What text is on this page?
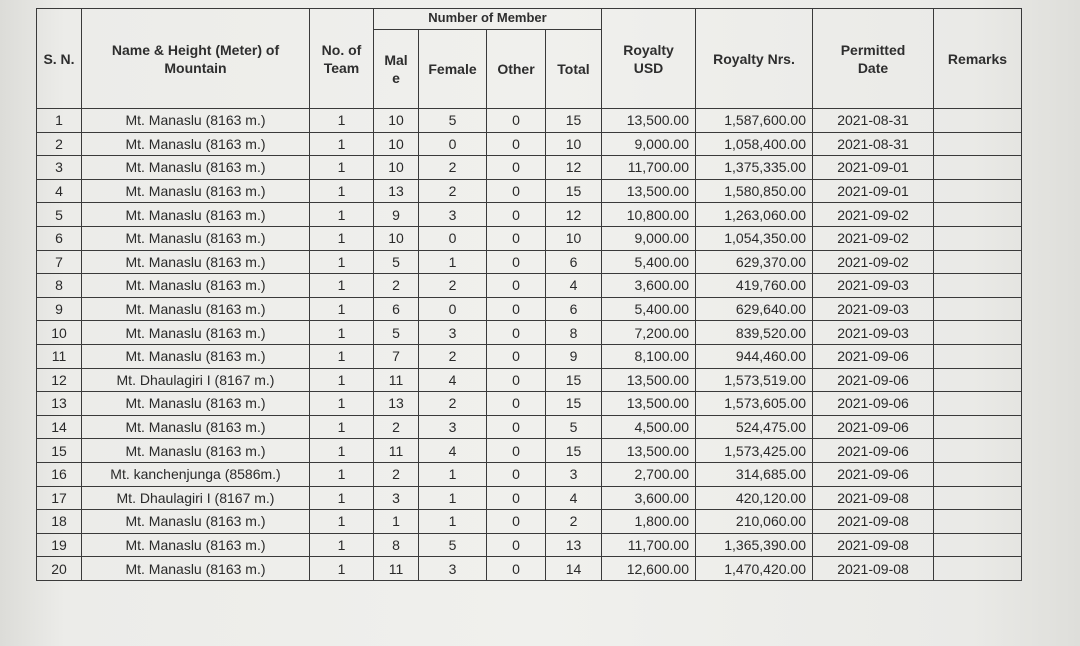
S. N.	Name & Height (Meter) of Mountain	No. of Team	Number of Member				Royalty USD	Royalty Nrs.	Permitted Date	Remarks
			Mal e	Female	Other	Total				
1	Mt. Manaslu (8163 m.)	1	10	5	0	15	13,500.00	1,587,600.00	2021-08-31	
2	Mt. Manaslu (8163 m.)	1	10	0	0	10	9,000.00	1,058,400.00	2021-08-31	
3	Mt. Manaslu (8163 m.)	1	10	2	0	12	11,700.00	1,375,335.00	2021-09-01	
4	Mt. Manaslu (8163 m.)	1	13	2	0	15	13,500.00	1,580,850.00	2021-09-01	
5	Mt. Manaslu (8163 m.)	1	9	3	0	12	10,800.00	1,263,060.00	2021-09-02	
6	Mt. Manaslu (8163 m.)	1	10	0	0	10	9,000.00	1,054,350.00	2021-09-02	
7	Mt. Manaslu (8163 m.)	1	5	1	0	6	5,400.00	629,370.00	2021-09-02	
8	Mt. Manaslu (8163 m.)	1	2	2	0	4	3,600.00	419,760.00	2021-09-03	
9	Mt. Manaslu (8163 m.)	1	6	0	0	6	5,400.00	629,640.00	2021-09-03	
10	Mt. Manaslu (8163 m.)	1	5	3	0	8	7,200.00	839,520.00	2021-09-03	
11	Mt. Manaslu (8163 m.)	1	7	2	0	9	8,100.00	944,460.00	2021-09-06	
12	Mt. Dhaulagiri I (8167 m.)	1	11	4	0	15	13,500.00	1,573,519.00	2021-09-06	
13	Mt. Manaslu (8163 m.)	1	13	2	0	15	13,500.00	1,573,605.00	2021-09-06	
14	Mt. Manaslu (8163 m.)	1	2	3	0	5	4,500.00	524,475.00	2021-09-06	
15	Mt. Manaslu (8163 m.)	1	11	4	0	15	13,500.00	1,573,425.00	2021-09-06	
16	Mt. kanchenjunga (8586m.)	1	2	1	0	3	2,700.00	314,685.00	2021-09-06	
17	Mt. Dhaulagiri I (8167 m.)	1	3	1	0	4	3,600.00	420,120.00	2021-09-08	
18	Mt. Manaslu (8163 m.)	1	1	1	0	2	1,800.00	210,060.00	2021-09-08	
19	Mt. Manaslu (8163 m.)	1	8	5	0	13	11,700.00	1,365,390.00	2021-09-08	
20	Mt. Manaslu (8163 m.)	1	11	3	0	14	12,600.00	1,470,420.00	2021-09-08	
